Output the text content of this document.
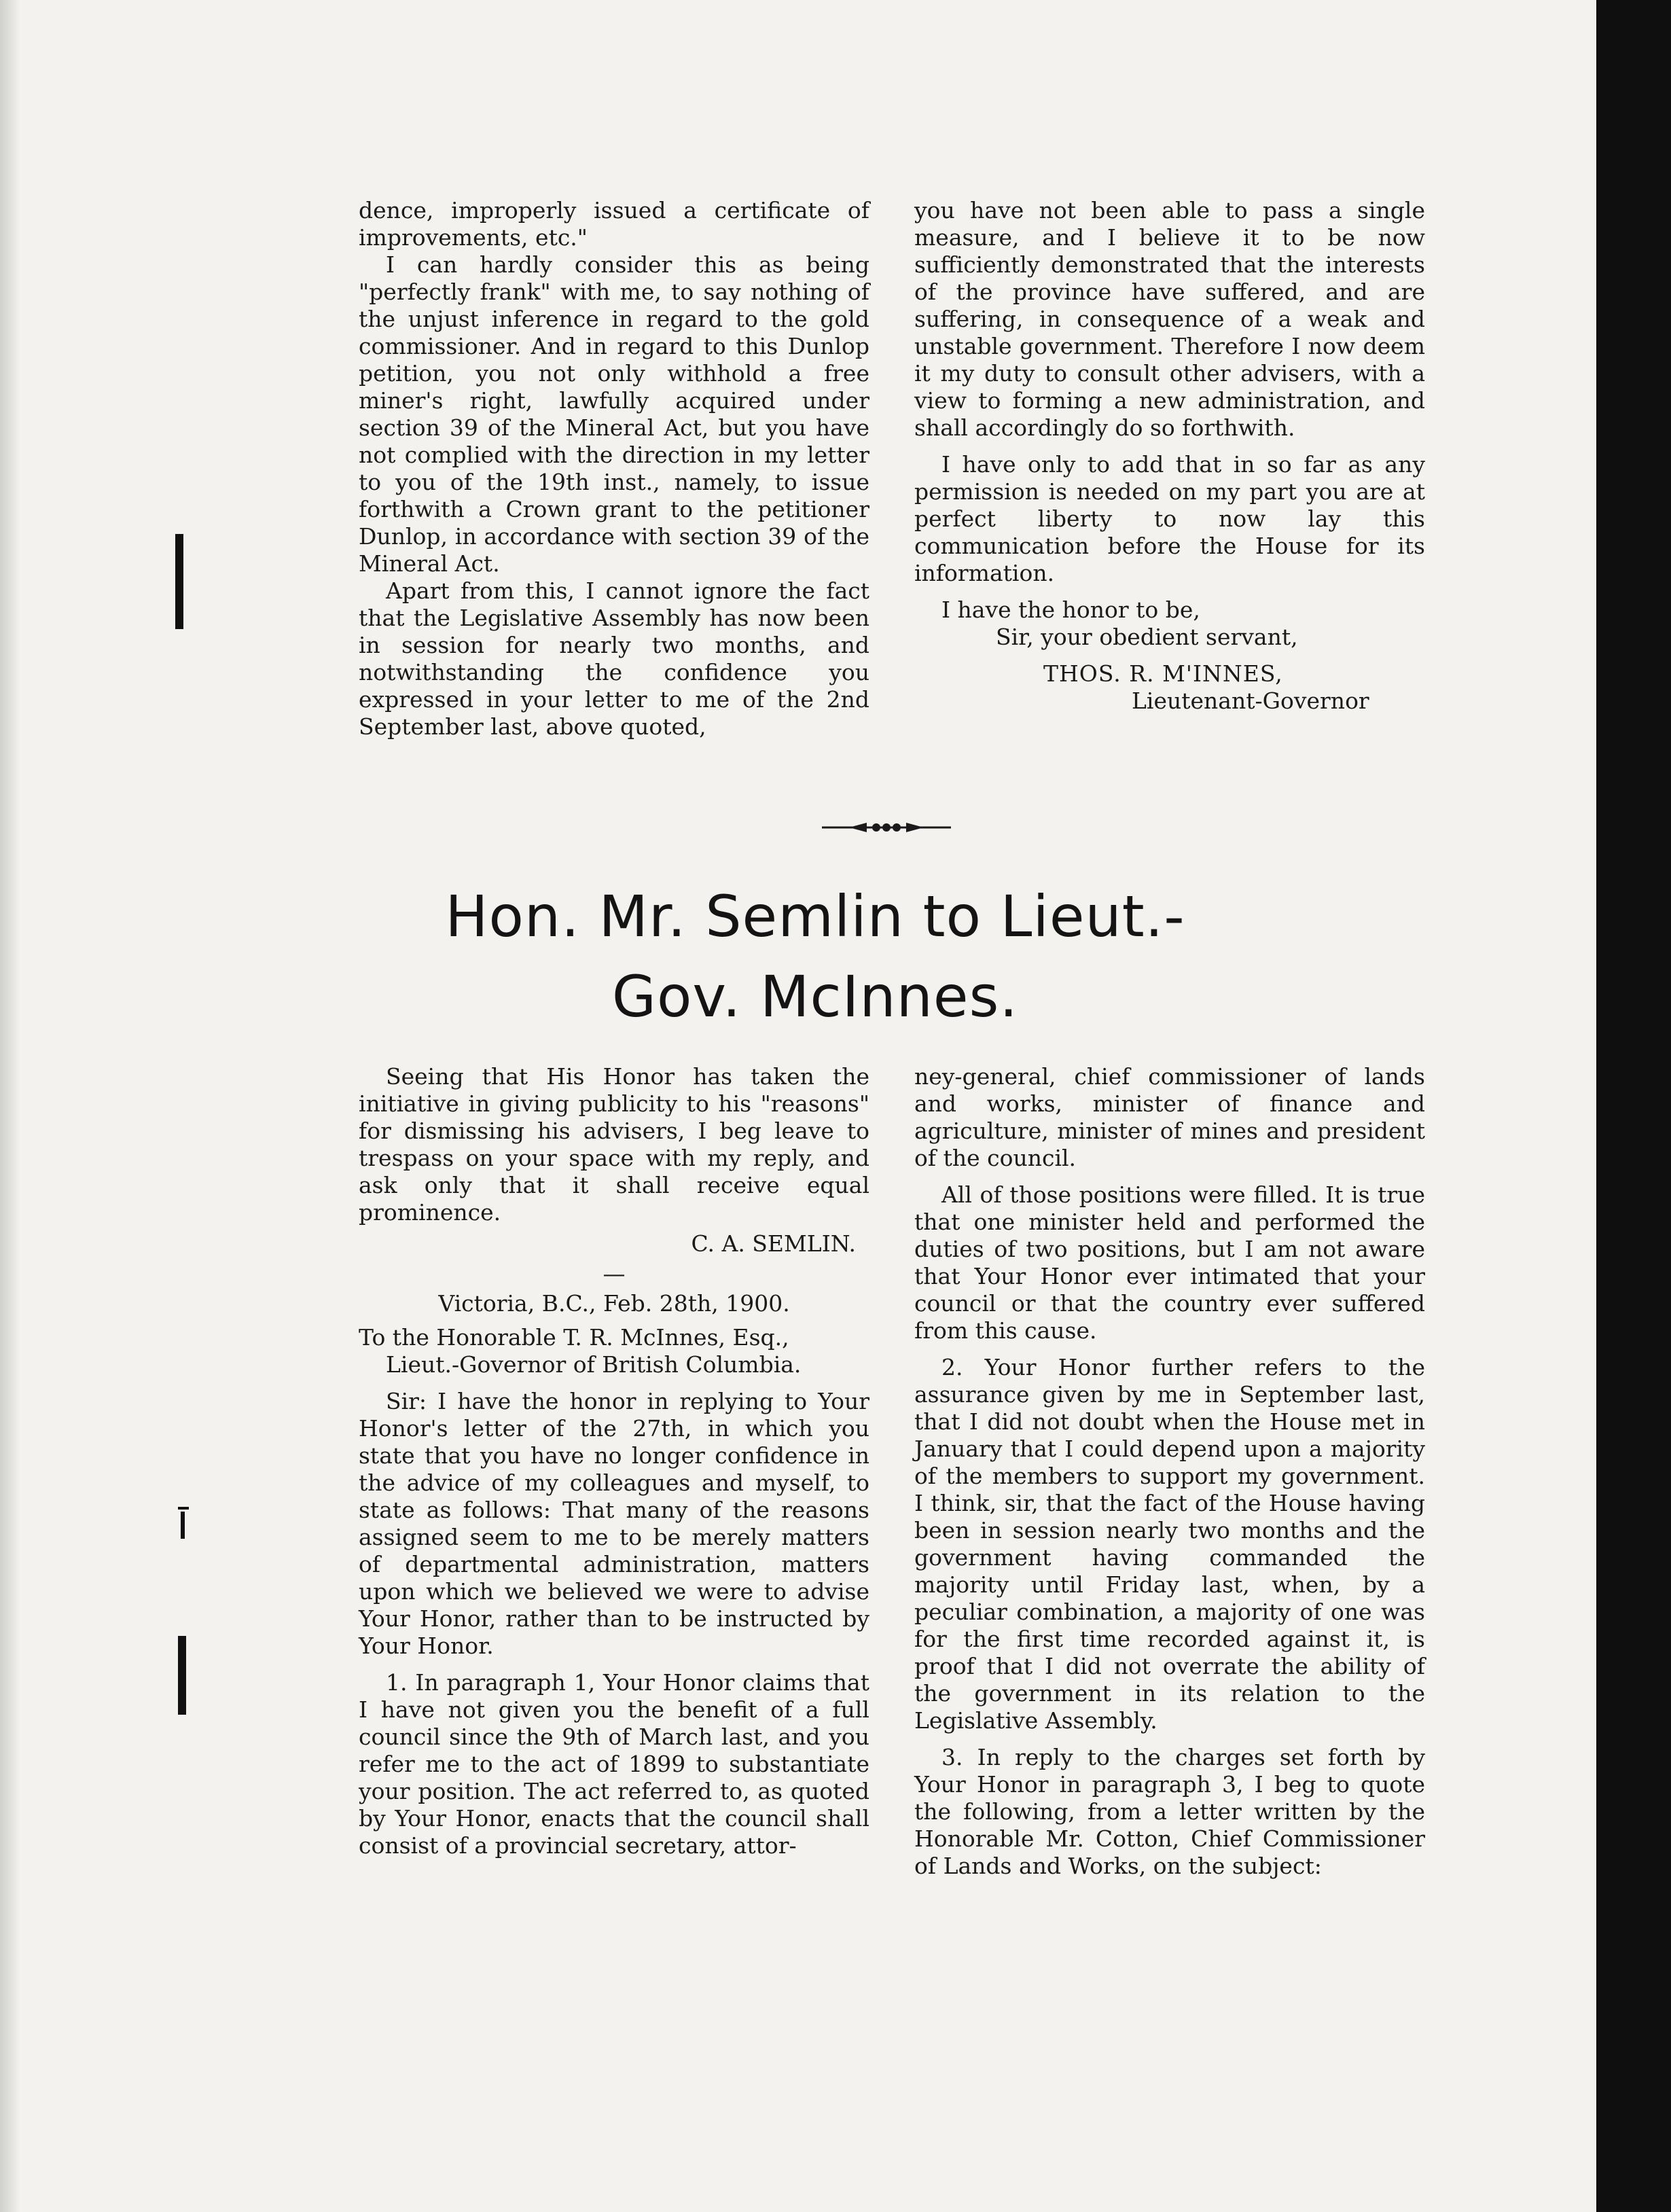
dence, improperly issued a certificate of improvements, etc."

I can hardly consider this as being "perfectly frank" with me, to say nothing of the unjust inference in regard to the gold commissioner. And in regard to this Dunlop petition, you not only withhold a free miner's right, lawfully acquired under section 39 of the Mineral Act, but you have not complied with the direction in my letter to you of the 19th inst., namely, to issue forthwith a Crown grant to the petitioner Dunlop, in accordance with section 39 of the Mineral Act.

Apart from this, I cannot ignore the fact that the Legislative Assembly has now been in session for nearly two months, and notwithstanding the confidence you expressed in your letter to me of the 2nd September last, above quoted,

you have not been able to pass a single measure, and I believe it to be now sufficiently demonstrated that the interests of the province have suffered, and are suffering, in consequence of a weak and unstable government. Therefore I now deem it my duty to consult other advisers, with a view to forming a new administration, and shall accordingly do so forthwith.

I have only to add that in so far as any permission is needed on my part you are at perfect liberty to now lay this communication before the House for its information.

I have the honor to be,

Sir, your obedient servant,

THOS. R. M'INNES,

Lieutenant-Governor

Hon. Mr. Semlin to Lieut.-
Gov. McInnes.

Seeing that His Honor has taken the initiative in giving publicity to his "reasons" for dismissing his advisers, I beg leave to trespass on your space with my reply, and ask only that it shall receive equal prominence.

C. A. SEMLIN.

—

Victoria, B.C., Feb. 28th, 1900.

To the Honorable T. R. McInnes, Esq.,

Lieut.-Governor of British Columbia.

Sir: I have the honor in replying to Your Honor's letter of the 27th, in which you state that you have no longer confidence in the advice of my colleagues and myself, to state as follows: That many of the reasons assigned seem to me to be merely matters of departmental administration, matters upon which we believed we were to advise Your Honor, rather than to be instructed by Your Honor.

1. In paragraph 1, Your Honor claims that I have not given you the benefit of a full council since the 9th of March last, and you refer me to the act of 1899 to substantiate your position. The act referred to, as quoted by Your Honor, enacts that the council shall consist of a provincial secretary, attor-

ney-general, chief commissioner of lands and works, minister of finance and agriculture, minister of mines and president of the council.

All of those positions were filled. It is true that one minister held and performed the duties of two positions, but I am not aware that Your Honor ever intimated that your council or that the country ever suffered from this cause.

2. Your Honor further refers to the assurance given by me in September last, that I did not doubt when the House met in January that I could depend upon a majority of the members to support my government. I think, sir, that the fact of the House having been in session nearly two months and the government having commanded the majority until Friday last, when, by a peculiar combination, a majority of one was for the first time recorded against it, is proof that I did not overrate the ability of the government in its relation to the Legislative Assembly.

3. In reply to the charges set forth by Your Honor in paragraph 3, I beg to quote the following, from a letter written by the Honorable Mr. Cotton, Chief Commissioner of Lands and Works, on the subject:
